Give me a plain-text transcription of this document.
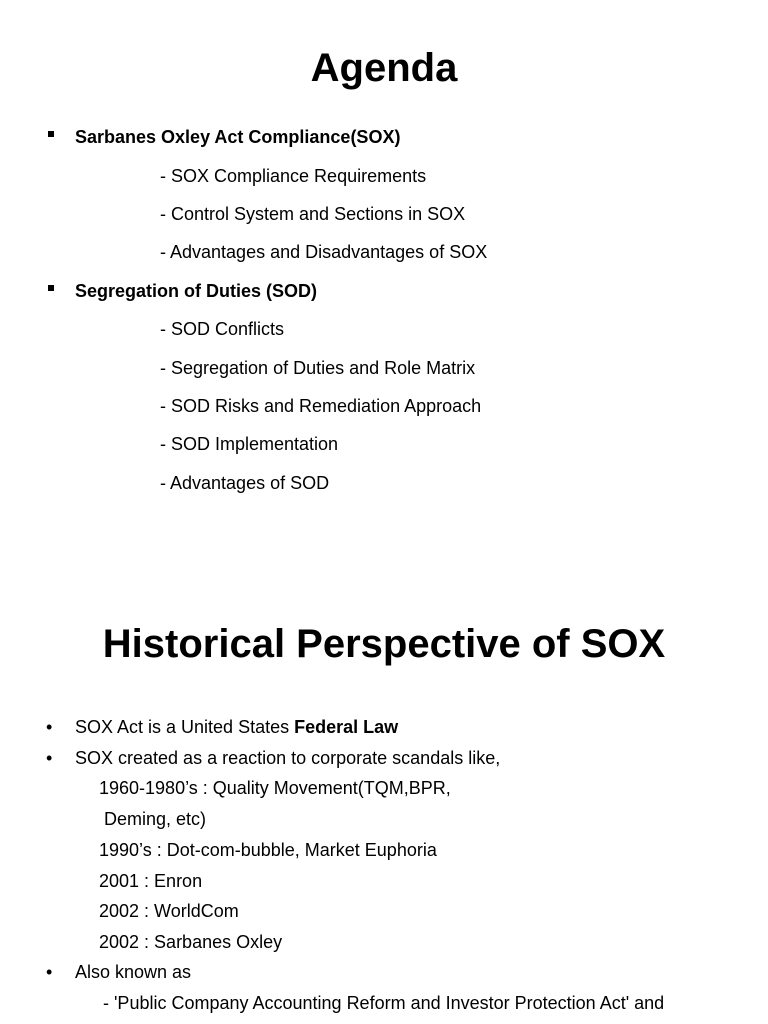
Agenda
Sarbanes Oxley Act Compliance(SOX)
- SOX Compliance Requirements
- Control System and Sections in SOX
- Advantages and Disadvantages of SOX
Segregation of Duties (SOD)
- SOD Conflicts
- Segregation of Duties and Role Matrix
- SOD Risks and Remediation Approach
- SOD Implementation
- Advantages of SOD
Historical Perspective of SOX
• SOX Act is a United States Federal Law
• SOX created as a reaction to corporate scandals like,
1960-1980’s : Quality Movement(TQM,BPR,
Deming, etc)
1990’s : Dot-com-bubble, Market Euphoria
2001 : Enron
2002 : WorldCom
2002 : Sarbanes Oxley
• Also known as
- 'Public Company Accounting Reform and Investor Protection Act' and
